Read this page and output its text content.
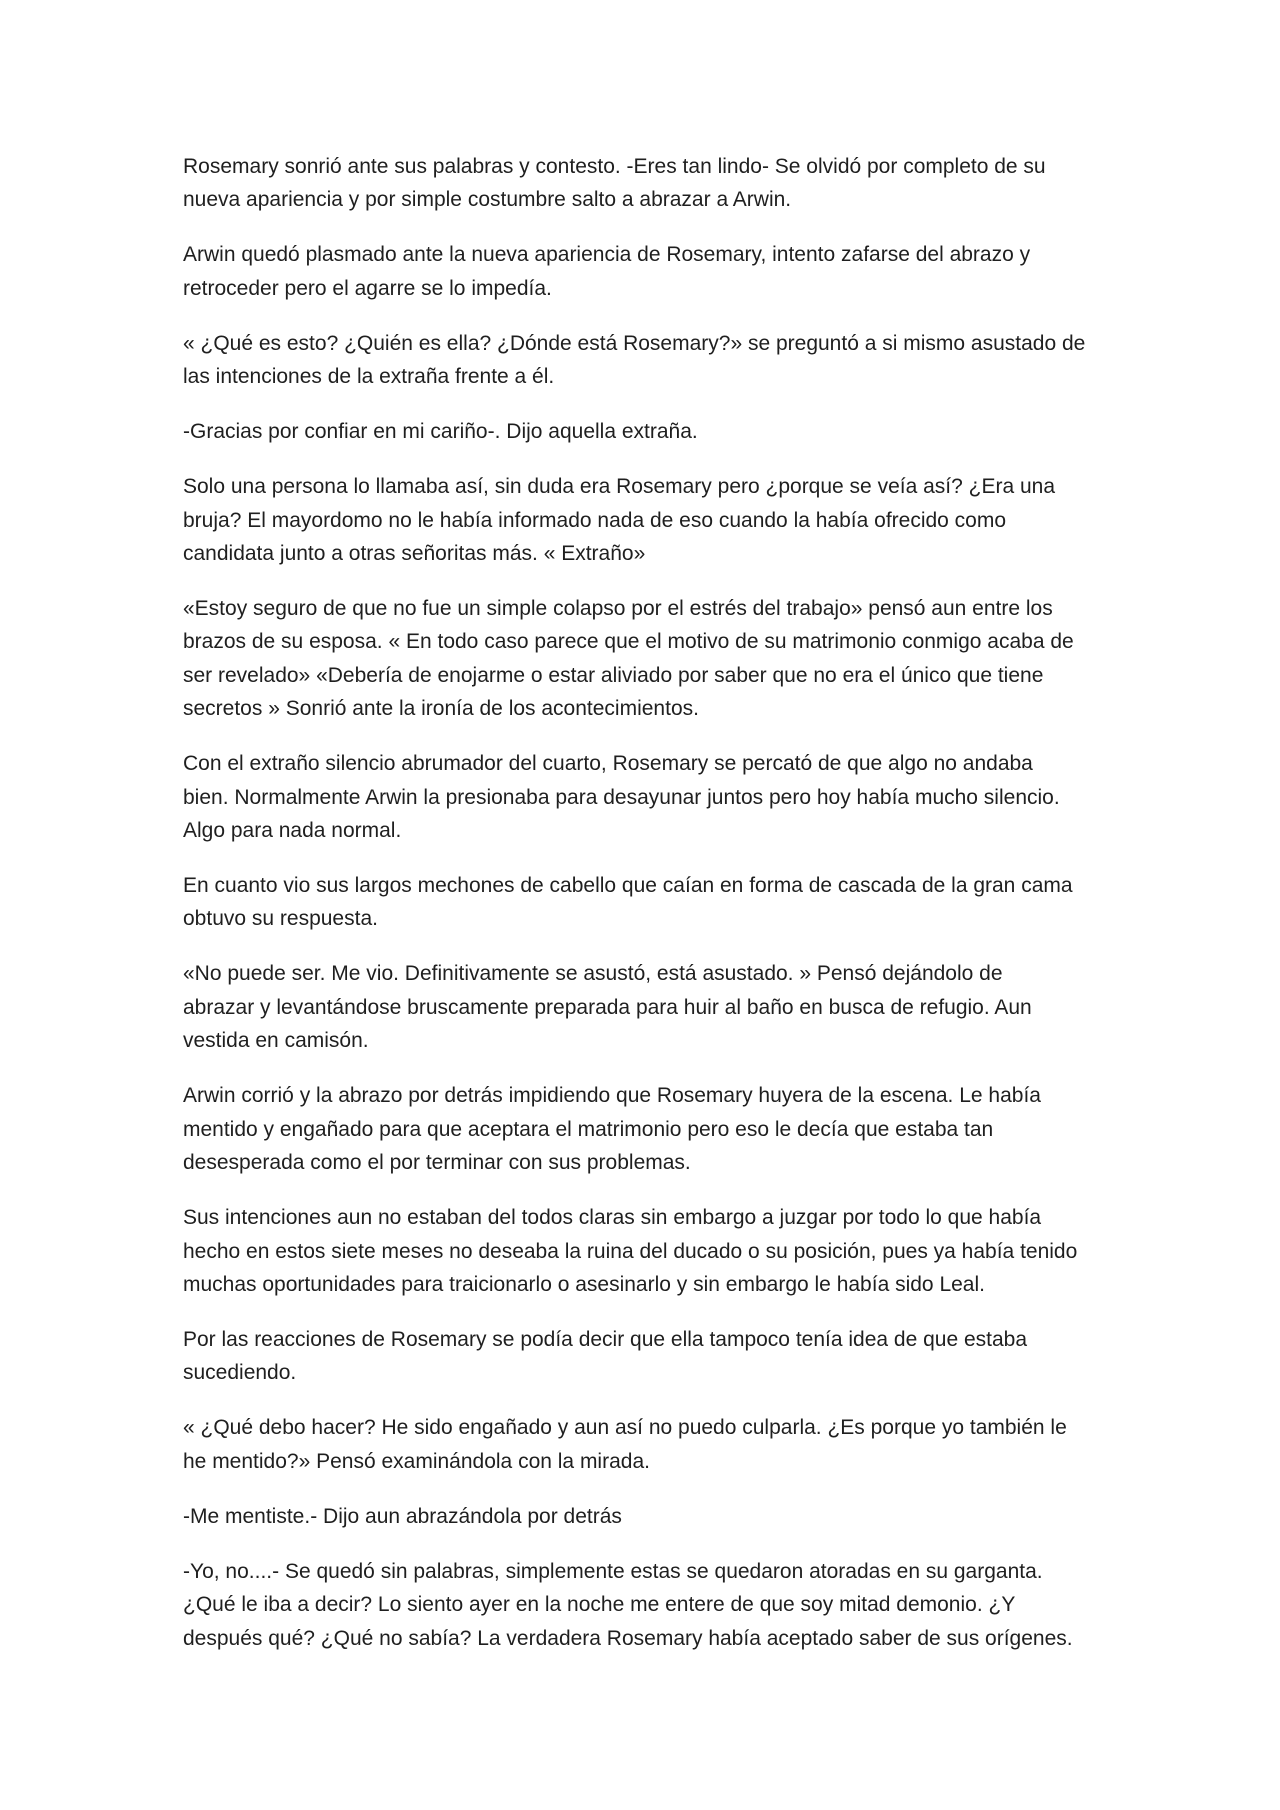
Rosemary sonrió ante sus palabras y contesto. -Eres tan lindo- Se olvidó por completo de su
nueva apariencia y por simple costumbre salto a abrazar a Arwin.

Arwin quedó plasmado ante la nueva apariencia de Rosemary, intento zafarse del abrazo y
retroceder pero el agarre se lo impedía.

« ¿Qué es esto? ¿Quién es ella? ¿Dónde está Rosemary?» se preguntó a si mismo asustado de
las intenciones de la extraña frente a él.

-Gracias por confiar en mi cariño-. Dijo aquella extraña.

Solo una persona lo llamaba así, sin duda era Rosemary pero ¿porque se veía así? ¿Era una
bruja? El mayordomo no le había informado nada de eso cuando la había ofrecido como
candidata junto a otras señoritas más. « Extraño»

«Estoy seguro de que no fue un simple colapso por el estrés del trabajo» pensó aun entre los
brazos de su esposa. « En todo caso parece que el motivo de su matrimonio conmigo acaba de
ser revelado» «Debería de enojarme o estar aliviado por saber que no era el único que tiene
secretos » Sonrió ante la ironía de los acontecimientos.

Con el extraño silencio abrumador del cuarto, Rosemary se percató de que algo no andaba
bien. Normalmente Arwin la presionaba para desayunar juntos pero hoy había mucho silencio.
Algo para nada normal.

En cuanto vio sus largos mechones de cabello que caían en forma de cascada de la gran cama
obtuvo su respuesta.

«No puede ser. Me vio. Definitivamente se asustó, está asustado. » Pensó dejándolo de
abrazar y levantándose bruscamente preparada para huir al baño en busca de refugio. Aun
vestida en camisón.

Arwin corrió y la abrazo por detrás impidiendo que Rosemary huyera de la escena. Le había
mentido y engañado para que aceptara el matrimonio pero eso le decía que estaba tan
desesperada como el por terminar con sus problemas.

Sus intenciones aun no estaban del todos claras sin embargo a juzgar por todo lo que había
hecho en estos siete meses no deseaba la ruina del ducado o su posición, pues ya había tenido
muchas oportunidades para traicionarlo o asesinarlo y sin embargo le había sido Leal.

Por las reacciones de Rosemary se podía decir que ella tampoco tenía idea de que estaba
sucediendo.

« ¿Qué debo hacer? He sido engañado y aun así no puedo culparla. ¿Es porque yo también le
he mentido?» Pensó examinándola con la mirada.

-Me mentiste.- Dijo aun abrazándola por detrás

-Yo, no....- Se quedó sin palabras, simplemente estas se quedaron atoradas en su garganta.
¿Qué le iba a decir? Lo siento ayer en la noche me entere de que soy mitad demonio. ¿Y
después qué? ¿Qué no sabía? La verdadera Rosemary había aceptado saber de sus orígenes.
